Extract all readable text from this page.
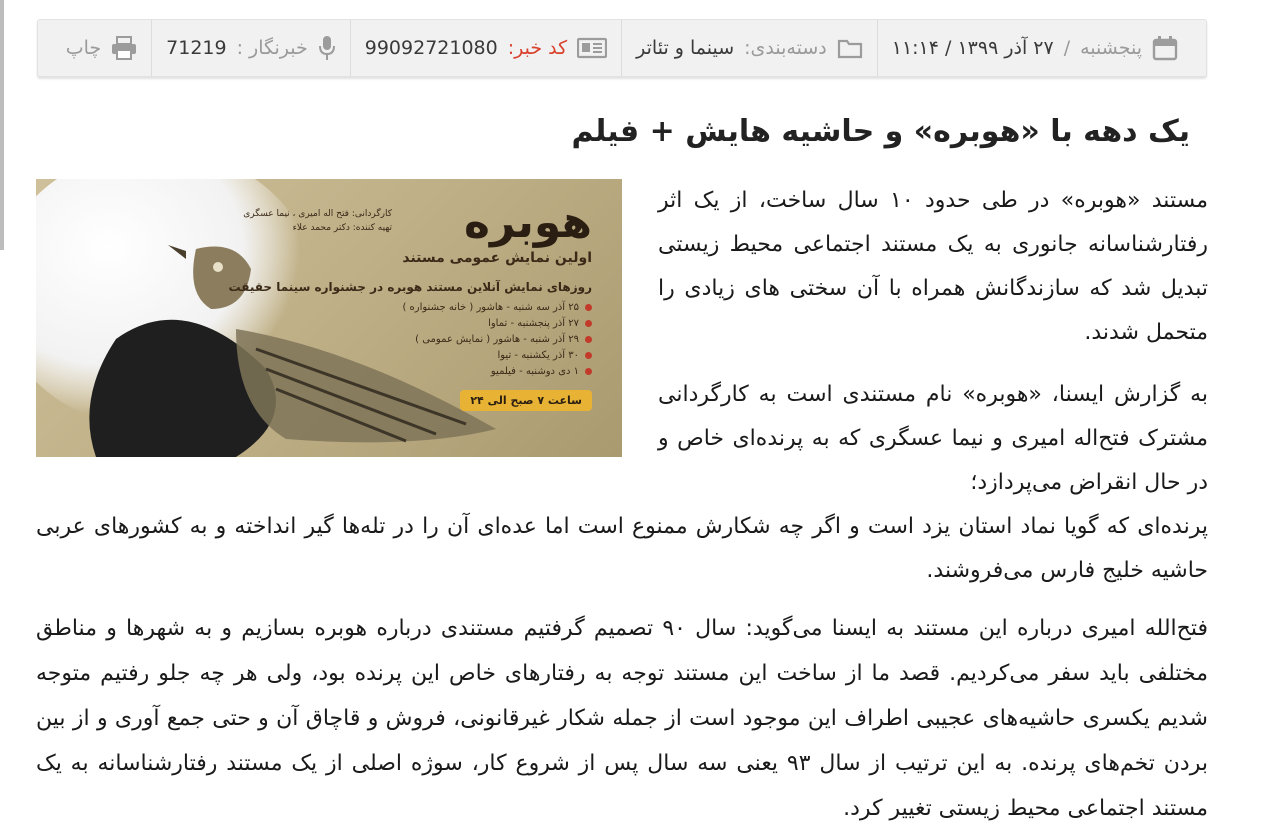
پنجشنبه
/
۲۷ آذر ۱۳۹۹ / ۱۱:۱۴
دسته‌بندی:
سینما و تئاتر
کد خبر:
99092721080
خبرنگار :
71219
چاپ
یک دهه با «هوبره» و حاشیه هایش + فیلم
کارگردانی: فتح اله امیری ، نیما عسگری
تهیه کننده: دکتر محمد علاء	هوبره
اولین نمایش عمومی مستند
روزهای نمایش آنلاین مستند هوبره در جشنواره سینما حقیقت
۲۵ آذر سه شنبه - هاشور ( خانه جشنواره )
۲۷ آذر پنجشنبه - تماوا
۲۹ آذر شنبه - هاشور ( نمایش عمومی )
۳۰ آذر یکشنبه - تیوا
۱ دی دوشنبه - فیلمیو
ساعت ۷ صبح الی ۲۴

مستند «هوبره» در طی حدود ۱۰ سال ساخت، از یک اثر رفتارشناسانه جانوری به یک مستند اجتماعی محیط زیستی تبدیل شد که سازندگانش همراه با آن سختی های زیادی را متحمل شدند.

به گزارش ایسنا، «هوبره» نام مستندی است به کارگردانی مشترک فتح‌اله امیری و نیما عسگری که به پرنده‌ای خاص و در حال انقراض می‌پردازد؛

پرنده‌ای که گویا نماد استان یزد است و اگر چه شکارش ممنوع است اما عده‌ای آن را در تله‌ها گیر انداخته و به کشورهای عربی حاشیه خلیج فارس می‌فروشند.

فتح‌الله امیری درباره این مستند به ایسنا می‌گوید: سال ۹۰ تصمیم گرفتیم مستندی درباره هوبره بسازیم و به شهرها و مناطق مختلفی باید سفر می‌کردیم. قصد ما از ساخت این مستند توجه به رفتارهای خاص این پرنده بود، ولی هر چه جلو رفتیم متوجه شدیم یکسری حاشیه‌های عجیبی اطراف این موجود است از جمله شکار غیرقانونی، فروش و قاچاق آن و حتی جمع آوری و از بین بردن تخم‌های پرنده. به این ترتیب از سال ۹۳ یعنی سه سال پس از شروع کار، سوژه اصلی از یک مستند رفتارشناسانه به یک مستند اجتماعی محیط زیستی تغییر کرد.
